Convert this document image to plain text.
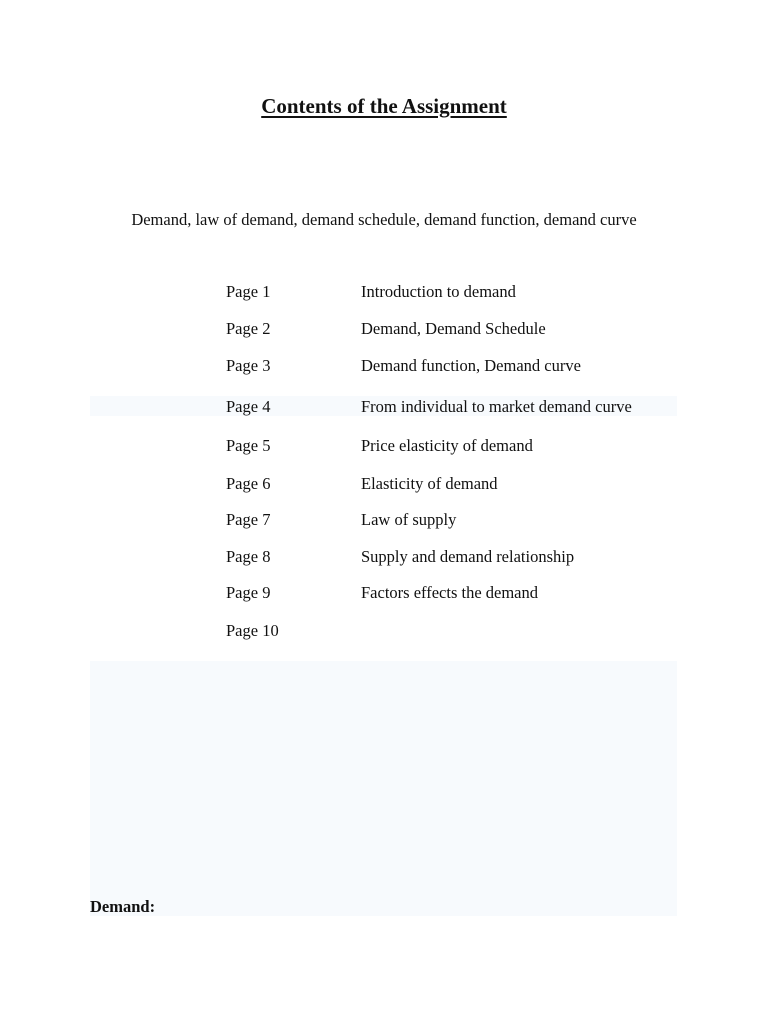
Contents of the Assignment

Demand, law of demand, demand schedule, demand function, demand curve

Page 1	Introduction to demand
Page 2	Demand, Demand Schedule
Page 3	Demand function, Demand curve
Page 4	From individual to market demand curve
Page 5	Price elasticity of demand
Page 6	Elasticity of demand
Page 7	Law of supply
Page 8	Supply and demand relationship
Page 9	Factors effects the demand
Page 10

Demand:
